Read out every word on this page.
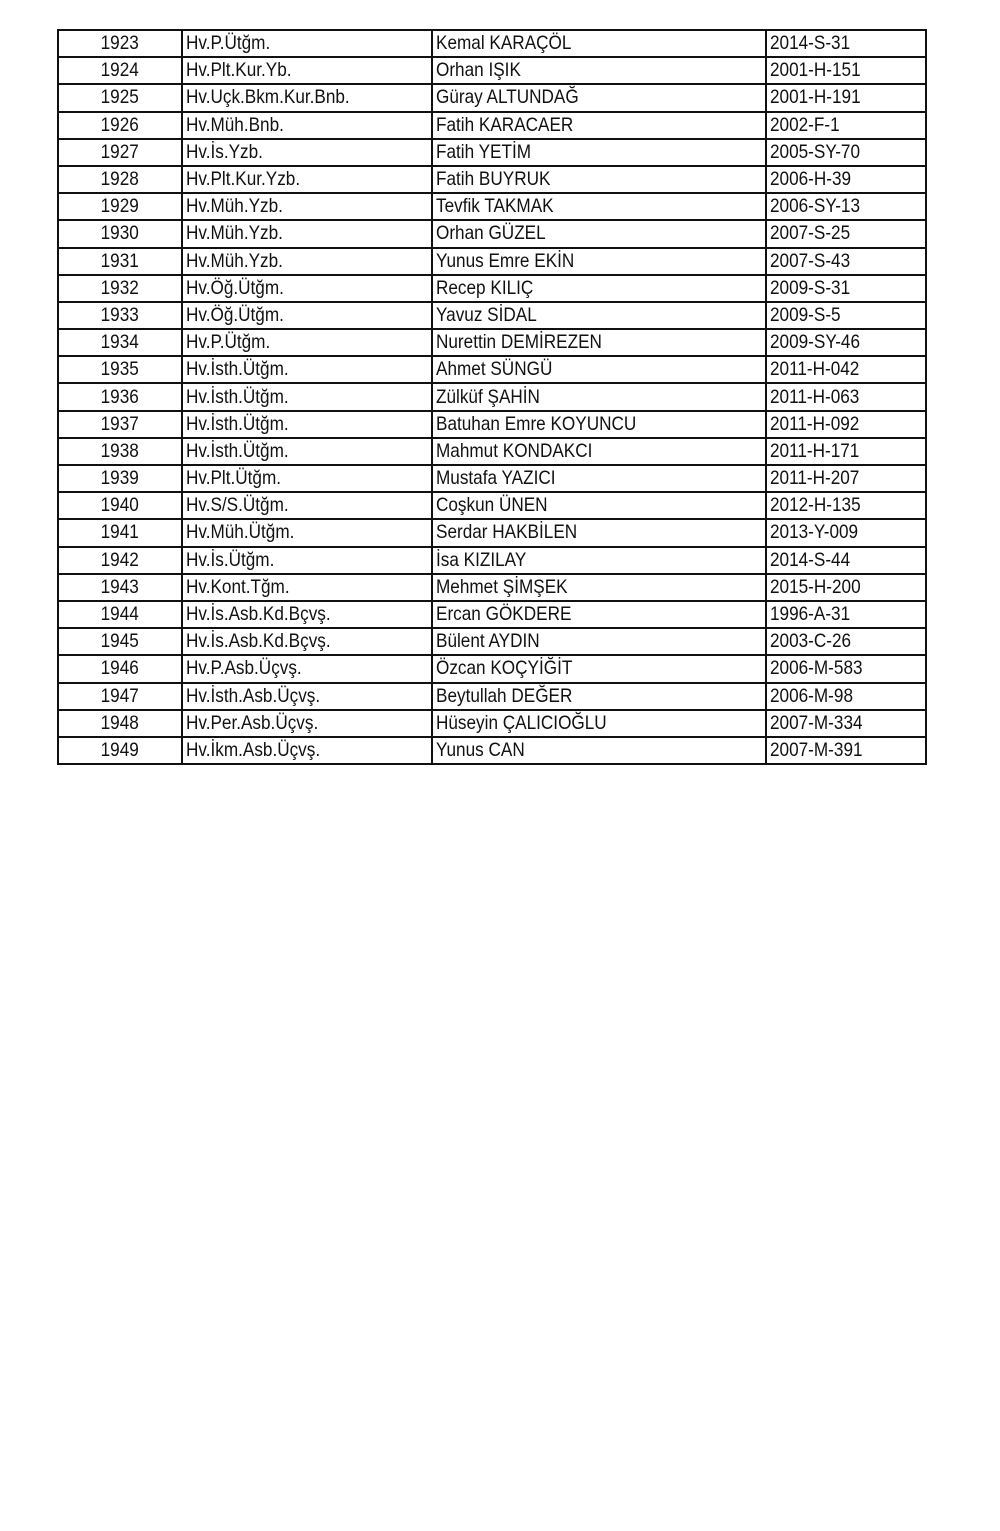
1923	Hv.P.Ütğm.	Kemal KARAÇÖL	2014-S-31
1924	Hv.Plt.Kur.Yb.	Orhan IŞIK	2001-H-151
1925	Hv.Uçk.Bkm.Kur.Bnb.	Güray ALTUNDAĞ	2001-H-191
1926	Hv.Müh.Bnb.	Fatih KARACAER	2002-F-1
1927	Hv.İs.Yzb.	Fatih YETİM	2005-SY-70
1928	Hv.Plt.Kur.Yzb.	Fatih BUYRUK	2006-H-39
1929	Hv.Müh.Yzb.	Tevfik TAKMAK	2006-SY-13
1930	Hv.Müh.Yzb.	Orhan GÜZEL	2007-S-25
1931	Hv.Müh.Yzb.	Yunus Emre EKİN	2007-S-43
1932	Hv.Öğ.Ütğm.	Recep KILIÇ	2009-S-31
1933	Hv.Öğ.Ütğm.	Yavuz SİDAL	2009-S-5
1934	Hv.P.Ütğm.	Nurettin DEMİREZEN	2009-SY-46
1935	Hv.İsth.Ütğm.	Ahmet SÜNGÜ	2011-H-042
1936	Hv.İsth.Ütğm.	Zülküf ŞAHİN	2011-H-063
1937	Hv.İsth.Ütğm.	Batuhan Emre KOYUNCU	2011-H-092
1938	Hv.İsth.Ütğm.	Mahmut KONDAKCI	2011-H-171
1939	Hv.Plt.Ütğm.	Mustafa YAZICI	2011-H-207
1940	Hv.S/S.Ütğm.	Coşkun ÜNEN	2012-H-135
1941	Hv.Müh.Ütğm.	Serdar HAKBİLEN	2013-Y-009
1942	Hv.İs.Ütğm.	İsa KIZILAY	2014-S-44
1943	Hv.Kont.Tğm.	Mehmet ŞİMŞEK	2015-H-200
1944	Hv.İs.Asb.Kd.Bçvş.	Ercan GÖKDERE	1996-A-31
1945	Hv.İs.Asb.Kd.Bçvş.	Bülent AYDIN	2003-C-26
1946	Hv.P.Asb.Üçvş.	Özcan KOÇYİĞİT	2006-M-583
1947	Hv.İsth.Asb.Üçvş.	Beytullah DEĞER	2006-M-98
1948	Hv.Per.Asb.Üçvş.	Hüseyin ÇALICIOĞLU	2007-M-334
1949	Hv.İkm.Asb.Üçvş.	Yunus CAN	2007-M-391
